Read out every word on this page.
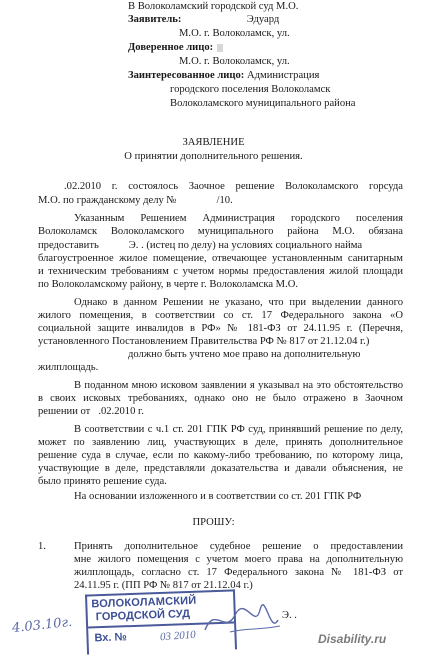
В Волоколамский городской суд М.О.
Заявитель:	Эдуард
М.О. г. Волоколамск, ул.
Доверенное лицо:
М.О. г. Волоколамск, ул.
Заинтересованное лицо: Администрация
городского поселения Волоколамск
Волоколамского муниципального района
ЗАЯВЛЕНИЕ
О принятии дополнительного решения.
.02.2010 г. состоялось Заочное решение Волоколамского горсуда
М.О. по гражданскому делу №	/10.
Указанным Решением Администрация городского поселения
Волоколамск Волоколамского муниципального района М.О. обязана
предоставить	Э. . (истец по делу) на условиях социального найма
благоустроенное жилое помещение, отвечающее установленным санитарным
и техническим требованиям с учетом нормы предоставления жилой площади
по Волоколамскому району, в черте г. Волоколамска М.О.
Однако в данном Решении не указано, что при выделении данного
жилого помещения, в соответствии со ст. 17 Федерального закона «О
социальной защите инвалидов в РФ» № 181-ФЗ от 24.11.95 г. (Перечня,
установленного Постановлением Правительства РФ № 817 от 21.12.04 г.)
должно быть учтено мое право на дополнительную
жилплощадь.
В поданном мною исковом заявлении я указывал на это обстоятельство
в своих исковых требованиях, однако оно не было отражено в Заочном
решении от .02.2010 г.
В соответствии с ч.1 ст. 201 ГПК РФ суд, принявший решение по делу,
может по заявлению лиц, участвующих в деле, принять дополнительное
решение суда в случае, если по какому-либо требованию, по которому лица,
участвующие в деле, представляли доказательства и давали объяснения, не
было принято решение суда.
На основании изложенного и в соответствии со ст. 201 ГПК РФ
ПРОШУ:
1.	Принять дополнительное судебное решение о предоставлении
мне жилого помещения с учетом моего права на дополнительную
жилплощадь, согласно ст. 17 Федерального закона № 181-ФЗ от
24.11.95 г. (ПП РФ № 817 от 21.12.04 г.)
ВОЛОКОЛАМСКИЙ
ГОРОДСКОЙ СУД
Вх. №	03 2010
Э. .
4.03.10г.
Disability.ru
